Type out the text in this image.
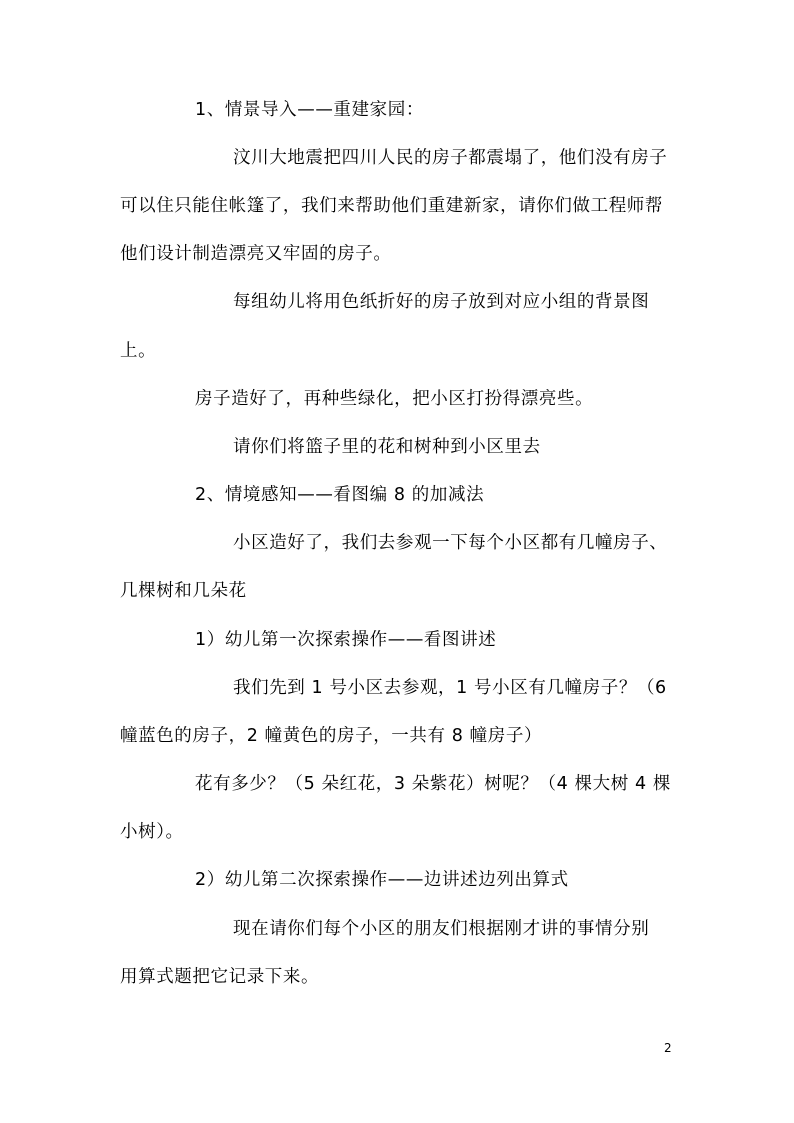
1、情景导入——重建家园：
汶川大地震把四川人民的房子都震塌了，他们没有房子
可以住只能住帐篷了，我们来帮助他们重建新家，请你们做工程师帮
他们设计制造漂亮又牢固的房子。
每组幼儿将用色纸折好的房子放到对应小组的背景图
上。
房子造好了，再种些绿化，把小区打扮得漂亮些。
请你们将篮子里的花和树种到小区里去
2、情境感知——看图编 8 的加减法
小区造好了，我们去参观一下每个小区都有几幢房子、
几棵树和几朵花
1）幼儿第一次探索操作——看图讲述
我们先到 1 号小区去参观，1 号小区有几幢房子？（6
幢蓝色的房子，2 幢黄色的房子，一共有 8 幢房子）
花有多少？（5 朵红花，3 朵紫花）树呢？（4 棵大树 4 棵
小树）。
2）幼儿第二次探索操作——边讲述边列出算式
现在请你们每个小区的朋友们根据刚才讲的事情分别
用算式题把它记录下来。
2
